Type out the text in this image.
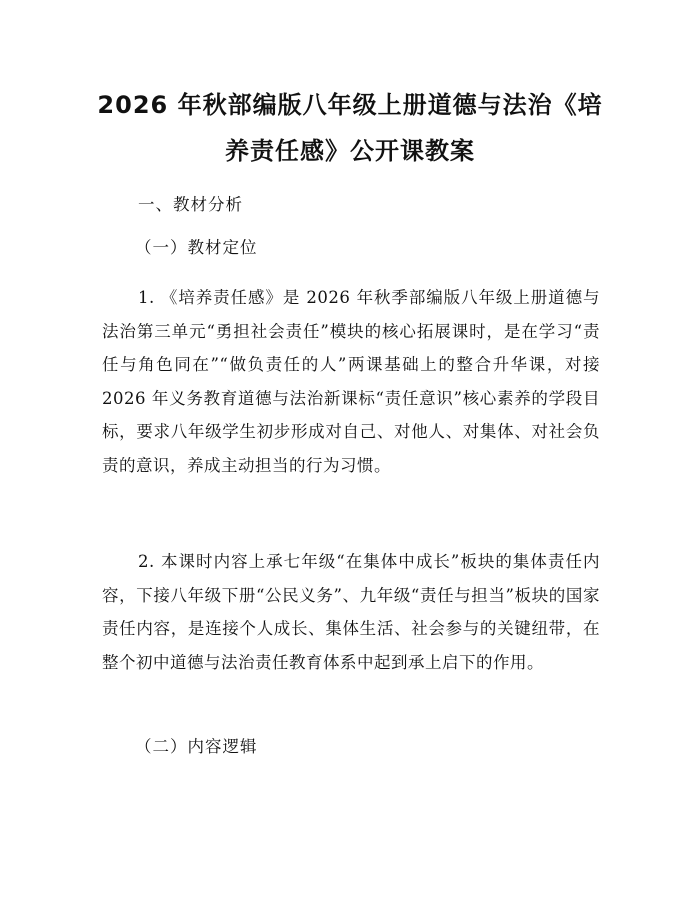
2026 年秋部编版八年级上册道德与法治《培养责任感》公开课教案

一、教材分析

（一）教材定位

1. 《培养责任感》是 2026 年秋季部编版八年级上册道德与法治第三单元“勇担社会责任”模块的核心拓展课时，是在学习“责任与角色同在”“做负责任的人”两课基础上的整合升华课，对接 2026 年义务教育道德与法治新课标“责任意识”核心素养的学段目标，要求八年级学生初步形成对自己、对他人、对集体、对社会负责的意识，养成主动担当的行为习惯。

2. 本课时内容上承七年级“在集体中成长”板块的集体责任内容，下接八年级下册“公民义务”、九年级“责任与担当”板块的国家责任内容，是连接个人成长、集体生活、社会参与的关键纽带，在整个初中道德与法治责任教育体系中起到承上启下的作用。

（二）内容逻辑
